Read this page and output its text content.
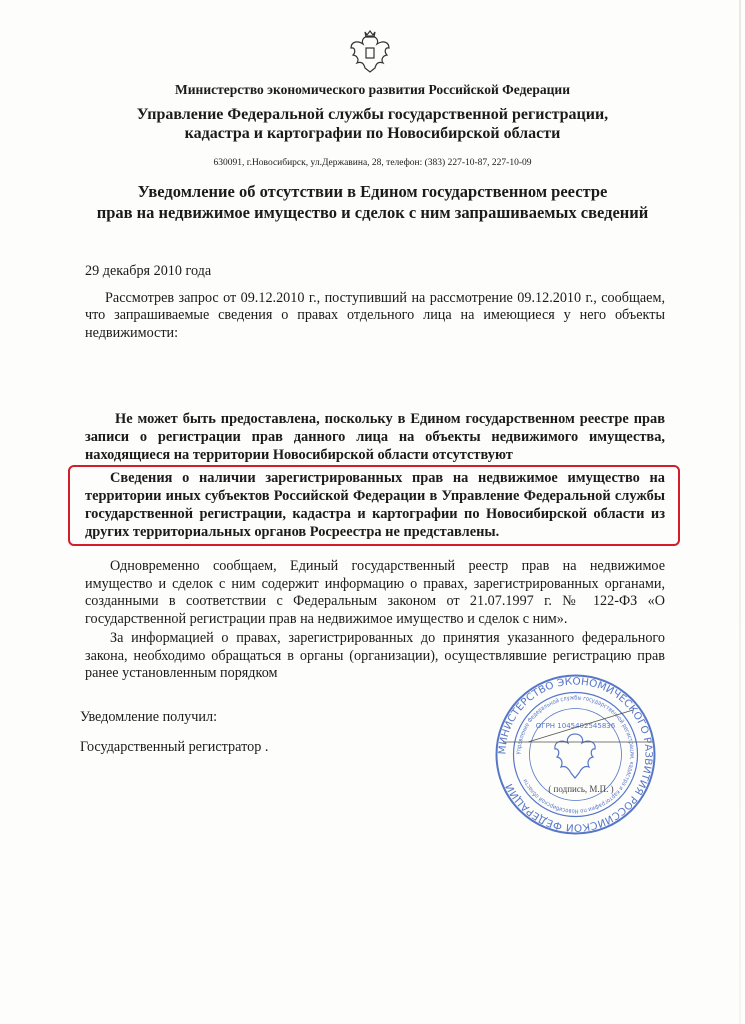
Министерство экономического развития Российской Федерации
Управление Федеральной службы государственной регистрации,
кадастра и картографии по Новосибирской области
630091, г.Новосибирск, ул.Державина, 28, телефон: (383) 227-10-87, 227-10-09
Уведомление об отсутствии в Едином государственном реестре
прав на недвижимое имущество и сделок с ним запрашиваемых сведений
29 декабря 2010 года
Рассмотрев запрос от 09.12.2010 г., поступивший на рассмотрение 09.12.2010 г., сообщаем, что запрашиваемые сведения о правах отдельного лица на имеющиеся у него объекты недвижимости:
Не может быть предоставлена, поскольку в Едином государственном реестре прав записи о регистрации прав данного лица на объекты недвижимого имущества, находящиеся на территории Новосибирской области отсутствуют
Сведения о наличии зарегистрированных прав на недвижимое имущество на территории иных субъектов Российской Федерации в Управление Федеральной службы государственной регистрации, кадастра и картографии по Новосибирской области из других территориальных органов Росреестра не представлены.
Одновременно сообщаем, Единый государственный реестр прав на недвижимое имущество и сделок с ним содержит информацию о правах, зарегистрированных органами, созданными в соответствии с Федеральным законом от 21.07.1997 г. № 122-ФЗ «О государственной регистрации прав на недвижимое имущество и сделок с ним».
За информацией о правах, зарегистрированных до принятия указанного федерального закона, необходимо обращаться в органы (организации), осуществлявшие регистрацию прав ранее установленным порядком
Уведомление получил:
Государственный регистратор .	МИНИСТЕРСТВО ЭКОНОМИЧЕСКОГО РАЗВИТИЯ РОССИЙСКОЙ ФЕДЕРАЦИИ
Управление Федеральной службы государственной регистрации, кадастра и картографии по Новосибирской области
ОГРН 1045402545836
( подпись, М.П. )
